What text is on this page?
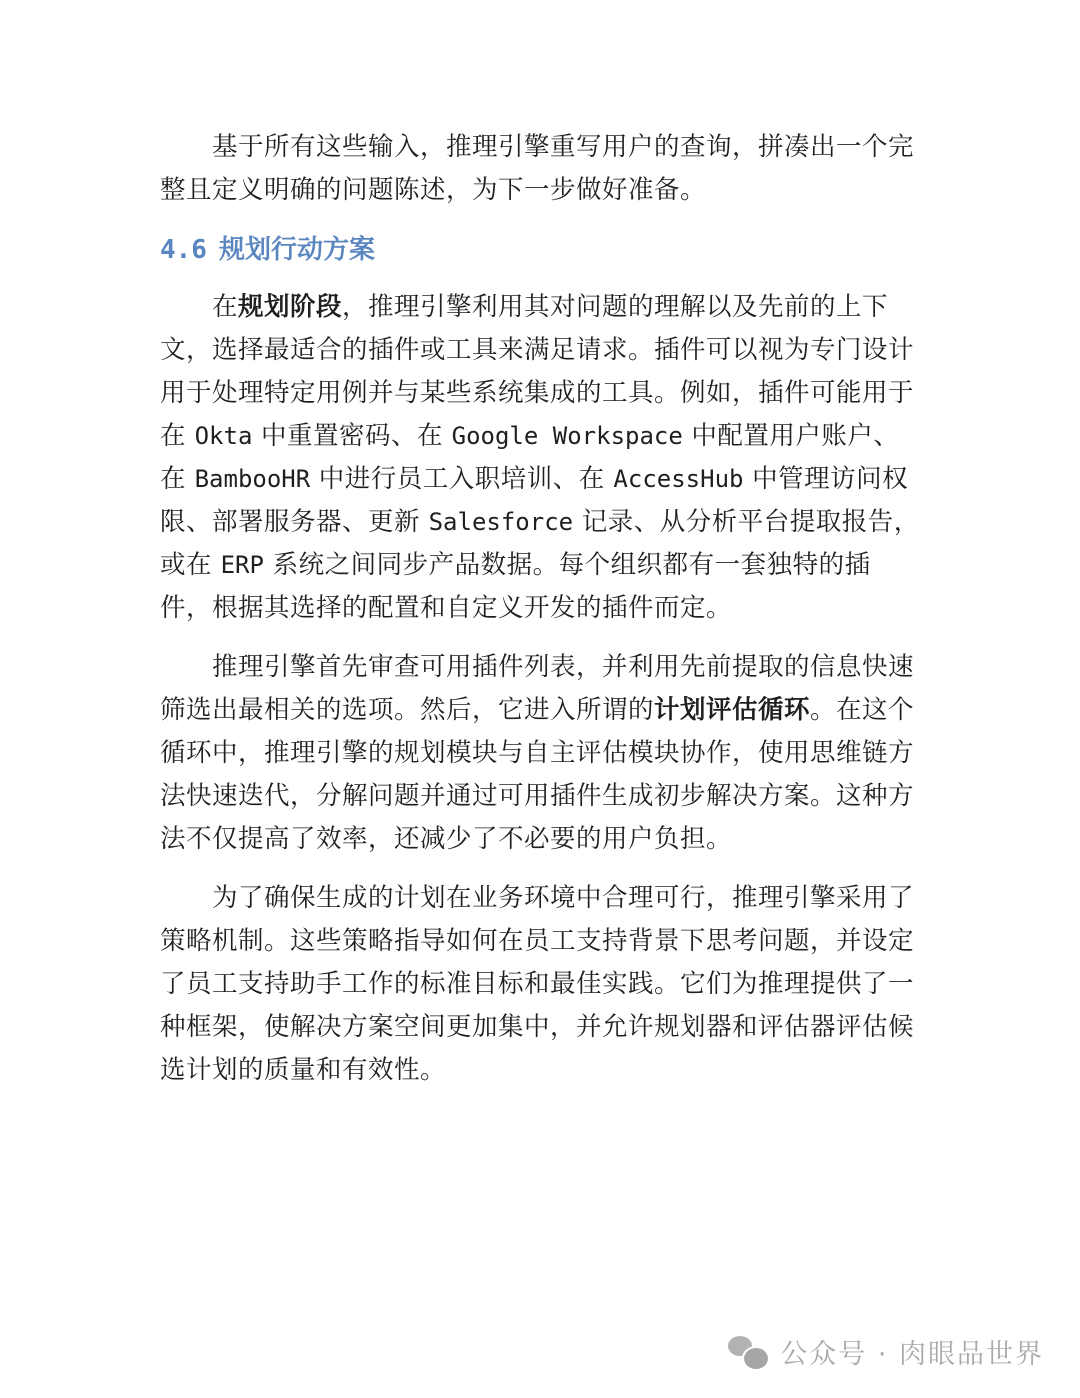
基于所有这些输入，推理引擎重写用户的查询，拼凑出一个完整且定义明确的问题陈述，为下一步做好准备。

4.6 规划行动方案

在规划阶段，推理引擎利用其对问题的理解以及先前的上下文，选择最适合的插件或工具来满足请求。插件可以视为专门设计用于处理特定用例并与某些系统集成的工具。例如，插件可能用于在 Okta 中重置密码、在 Google Workspace 中配置用户账户、在 BambooHR 中进行员工入职培训、在 AccessHub 中管理访问权限、部署服务器、更新 Salesforce 记录、从分析平台提取报告，或在 ERP 系统之间同步产品数据。每个组织都有一套独特的插件，根据其选择的配置和自定义开发的插件而定。

推理引擎首先审查可用插件列表，并利用先前提取的信息快速筛选出最相关的选项。然后，它进入所谓的计划评估循环。在这个循环中，推理引擎的规划模块与自主评估模块协作，使用思维链方法快速迭代，分解问题并通过可用插件生成初步解决方案。这种方法不仅提高了效率，还减少了不必要的用户负担。

为了确保生成的计划在业务环境中合理可行，推理引擎采用了策略机制。这些策略指导如何在员工支持背景下思考问题，并设定了员工支持助手工作的标准目标和最佳实践。它们为推理提供了一种框架，使解决方案空间更加集中，并允许规划器和评估器评估候选计划的质量和有效性。

公众号 · 肉眼品世界
